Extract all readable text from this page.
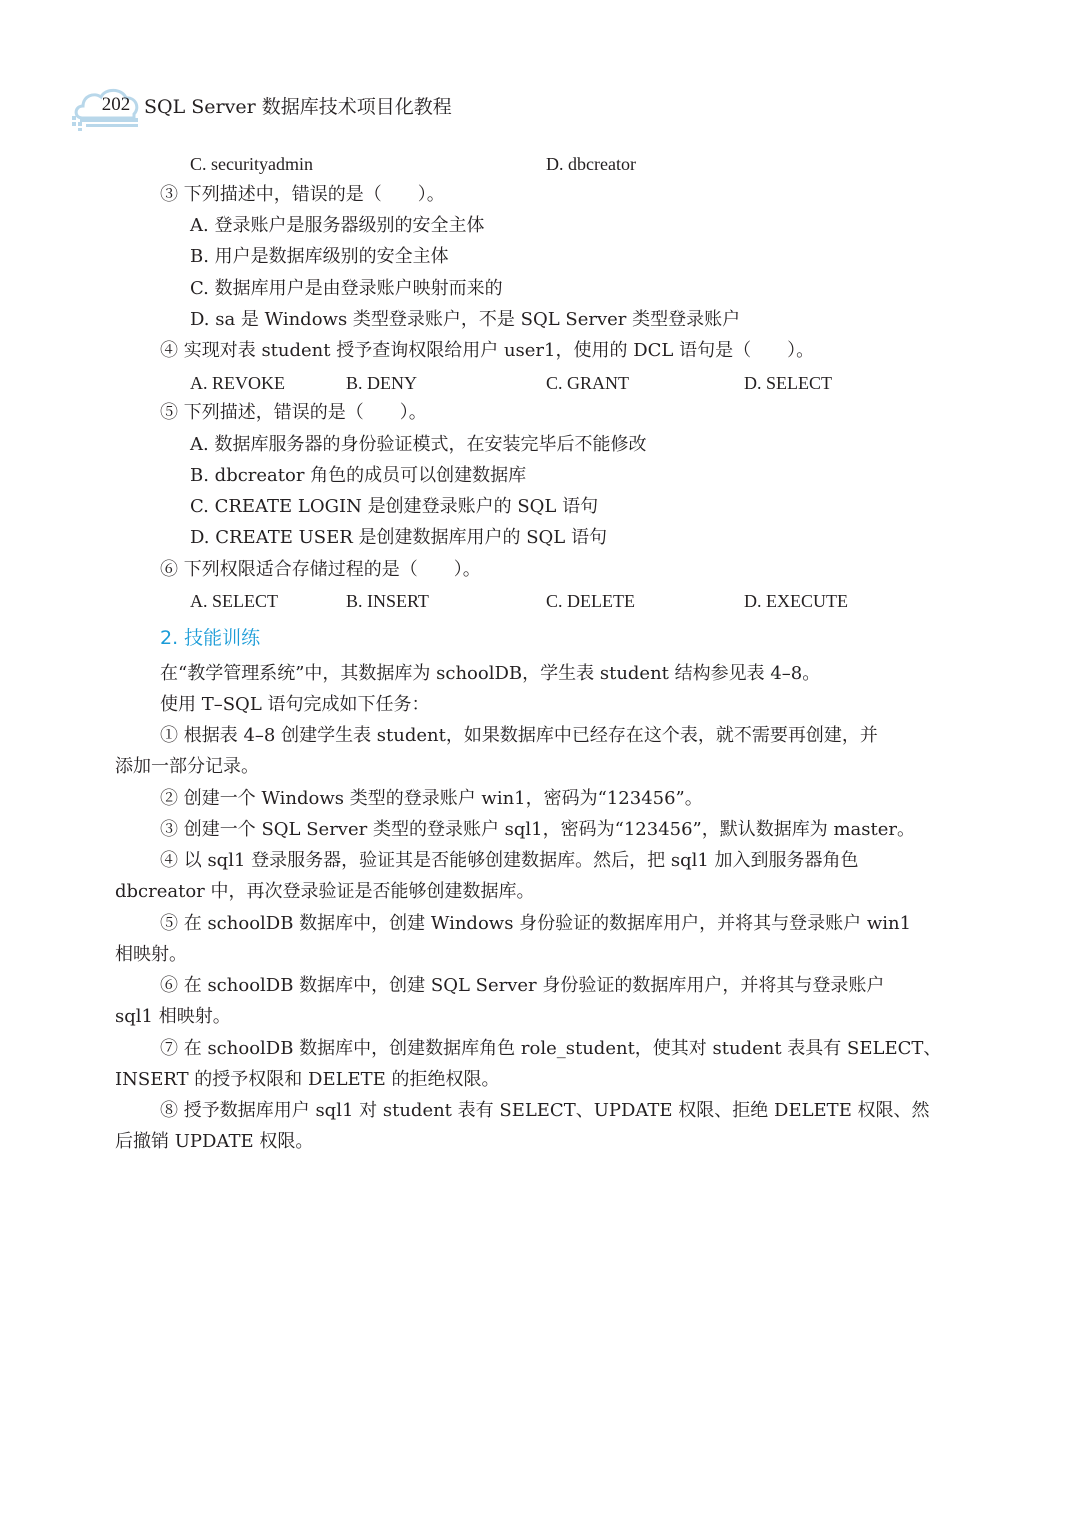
202 SQL Server 数据库技术项目化教程
C. securityadmin	D. dbcreator
③ 下列描述中，错误的是（　　）。
A. 登录账户是服务器级别的安全主体
B. 用户是数据库级别的安全主体
C. 数据库用户是由登录账户映射而来的
D. sa 是 Windows 类型登录账户，不是 SQL Server 类型登录账户
④ 实现对表 student 授予查询权限给用户 user1，使用的 DCL 语句是（　　）。
A. REVOKE	B. DENY	C. GRANT	D. SELECT
⑤ 下列描述，错误的是（　　）。
A. 数据库服务器的身份验证模式，在安装完毕后不能修改
B. dbcreator 角色的成员可以创建数据库
C. CREATE LOGIN 是创建登录账户的 SQL 语句
D. CREATE USER 是创建数据库用户的 SQL 语句
⑥ 下列权限适合存储过程的是（　　）。
A. SELECT	B. INSERT	C. DELETE	D. EXECUTE
2. 技能训练
在“教学管理系统”中，其数据库为 schoolDB，学生表 student 结构参见表 4–8。
使用 T–SQL 语句完成如下任务：
① 根据表 4–8 创建学生表 student，如果数据库中已经存在这个表，就不需要再创建，并
添加一部分记录。
② 创建一个 Windows 类型的登录账户 win1，密码为“123456”。
③ 创建一个 SQL Server 类型的登录账户 sql1，密码为“123456”，默认数据库为 master。
④ 以 sql1 登录服务器，验证其是否能够创建数据库。然后，把 sql1 加入到服务器角色
dbcreator 中，再次登录验证是否能够创建数据库。
⑤ 在 schoolDB 数据库中，创建 Windows 身份验证的数据库用户，并将其与登录账户 win1
相映射。
⑥ 在 schoolDB 数据库中，创建 SQL Server 身份验证的数据库用户，并将其与登录账户
sql1 相映射。
⑦ 在 schoolDB 数据库中，创建数据库角色 role_student，使其对 student 表具有 SELECT、
INSERT 的授予权限和 DELETE 的拒绝权限。
⑧ 授予数据库用户 sql1 对 student 表有 SELECT、UPDATE 权限、拒绝 DELETE 权限、然
后撤销 UPDATE 权限。
